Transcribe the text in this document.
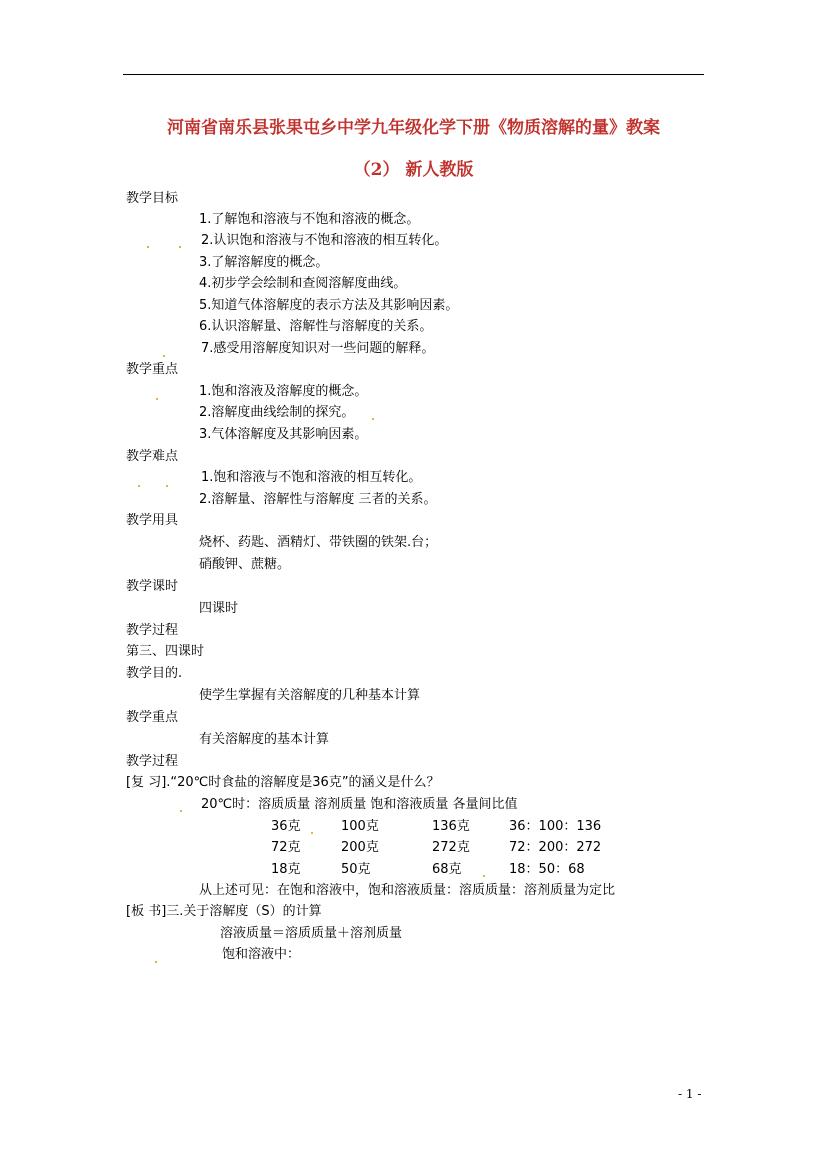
河南省南乐县张果屯乡中学九年级化学下册《物质溶解的量》教案
（2） 新人教版
教学目标
1.了解饱和溶液与不饱和溶液的概念。
2.认识饱和溶液与不饱和溶液的相互转化。
3.了解溶解度的概念。
4.初步学会绘制和查阅溶解度曲线。
5.知道气体溶解度的表示方法及其影响因素。
6.认识溶解量、溶解性与溶解度的关系。
7.感受用溶解度知识对一些问题的解释。
教学重点
1.饱和溶液及溶解度的概念。
2.溶解度曲线绘制的探究。
3.气体溶解度及其影响因素。
教学难点
1.饱和溶液与不饱和溶液的相互转化。
2.溶解量、溶解性与溶解度 三者的关系。
教学用具
烧杯、药匙、酒精灯、带铁圈的铁架.台；
硝酸钾、蔗糖。
教学课时
四课时
教学过程
第三、四课时
教学目的.
使学生掌握有关溶解度的几种基本计算
教学重点
有关溶解度的基本计算
教学过程
[复 习].“20℃时食盐的溶解度是36克”的涵义是什么？
20℃时：溶质质量 溶剂质量 饱和溶液质量 各量间比值
36克	100克	136克	36：100：136
72克	200克	272克	72：200：272
18克	50克	68克	18：50：68
从上述可见：在饱和溶液中，饱和溶液质量：溶质质量：溶剂质量为定比
[板 书]三.关于溶解度（S）的计算
溶液质量＝溶质质量＋溶剂质量
饱和溶液中：
- 1 -
